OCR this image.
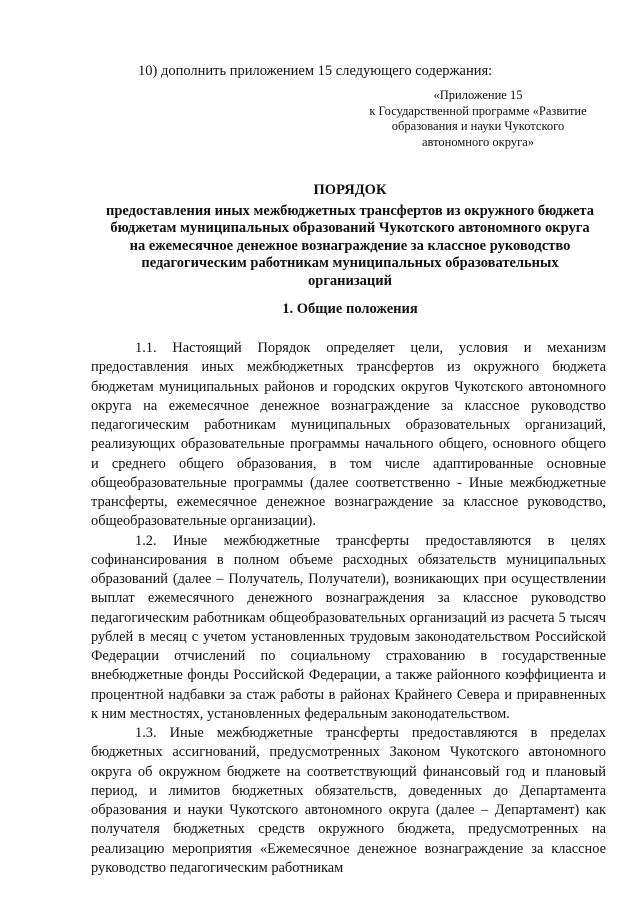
10) дополнить приложением 15 следующего содержания:
«Приложение 15
к Государственной программе «Развитие
образования и науки Чукотского
автономного округа»
ПОРЯДОК
предоставления иных межбюджетных трансфертов из окружного бюджета
бюджетам муниципальных образований Чукотского автономного округа
на ежемесячное денежное вознаграждение за классное руководство
педагогическим работникам муниципальных образовательных
организаций
1. Общие положения

1.1. Настоящий Порядок определяет цели, условия и механизм предоставления иных межбюджетных трансфертов из окружного бюджета бюджетам муниципальных районов и городских округов Чукотского автономного округа на ежемесячное денежное вознаграждение за классное руководство педагогическим работникам муниципальных образовательных организаций, реализующих образовательные программы начального общего, основного общего и среднего общего образования, в том числе адаптированные основные общеобразовательные программы (далее соответственно - Иные межбюджетные трансферты, ежемесячное денежное вознаграждение за классное руководство, общеобразовательные организации).

1.2. Иные межбюджетные трансферты предоставляются в целях софинансирования в полном объеме расходных обязательств муниципальных образований (далее – Получатель, Получатели), возникающих при осуществлении выплат ежемесячного денежного вознаграждения за классное руководство педагогическим работникам общеобразовательных организаций из расчета 5 тысяч рублей в месяц с учетом установленных трудовым законодательством Российской Федерации отчислений по социальному страхованию в государственные внебюджетные фонды Российской Федерации, а также районного коэффициента и процентной надбавки за стаж работы в районах Крайнего Севера и приравненных к ним местностях, установленных федеральным законодательством.

1.3. Иные межбюджетные трансферты предоставляются в пределах бюджетных ассигнований, предусмотренных Законом Чукотского автономного округа об окружном бюджете на соответствующий финансовый год и плановый период, и лимитов бюджетных обязательств, доведенных до Департамента образования и науки Чукотского автономного округа (далее – Департамент) как получателя бюджетных средств окружного бюджета, предусмотренных на реализацию мероприятия «Ежемесячное денежное вознаграждение за классное руководство педагогическим работникам
